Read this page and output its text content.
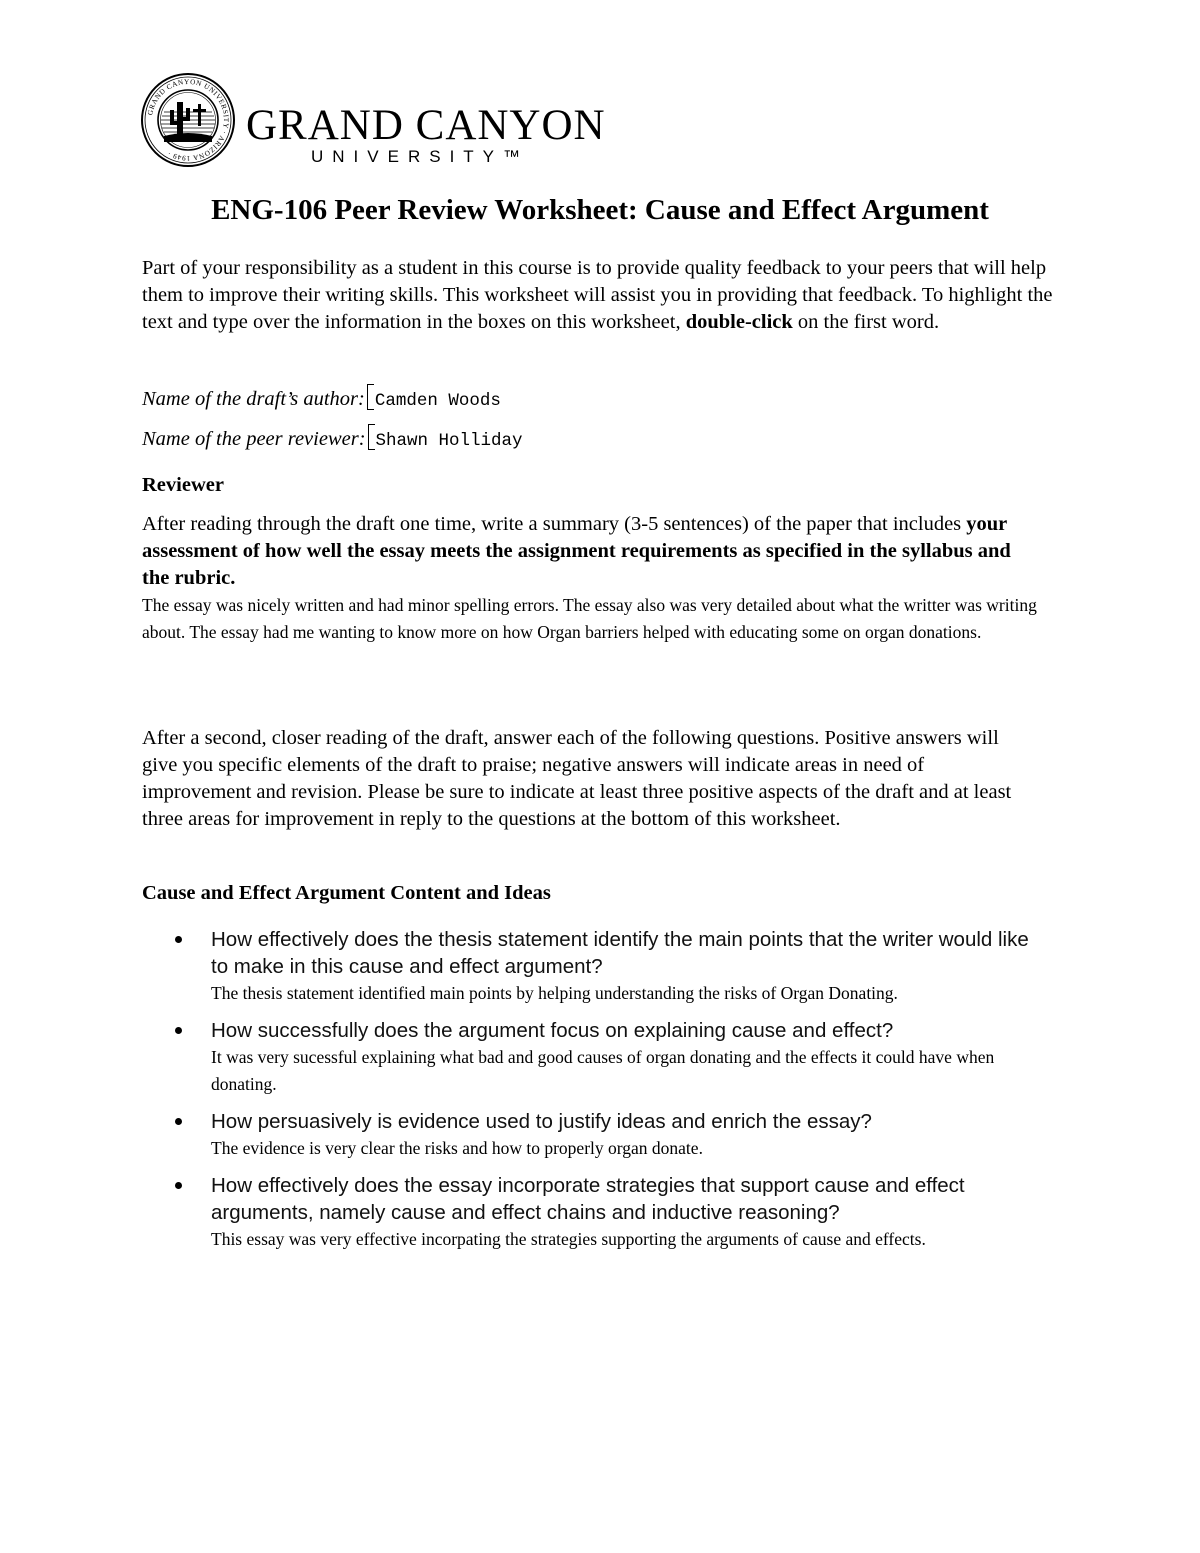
GRAND CANYON UNIVERSITY · ARIZONA 1949 ·
GRAND CANYON
UNIVERSITY™
ENG-106 Peer Review Worksheet: Cause and Effect Argument
Part of your responsibility as a student in this course is to provide quality feedback to your peers that will help them to improve their writing skills. This worksheet will assist you in providing that feedback. To highlight the text and type over the information in the boxes on this worksheet, double-click on the first word.
Name of the draft’s author: Camden Woods
Name of the peer reviewer: Shawn Holliday
Reviewer
After reading through the draft one time, write a summary (3-5 sentences) of the paper that includes your assessment of how well the essay meets the assignment requirements as specified in the syllabus and the rubric.
The essay was nicely written and had minor spelling errors. The essay also was very detailed about what the writter was writing about. The essay had me wanting to know more on how Organ barriers helped with educating some on organ donations.
After a second, closer reading of the draft, answer each of the following questions. Positive answers will give you specific elements of the draft to praise; negative answers will indicate areas in need of improvement and revision. Please be sure to indicate at least three positive aspects of the draft and at least three areas for improvement in reply to the questions at the bottom of this worksheet.
Cause and Effect Argument Content and Ideas
How effectively does the thesis statement identify the main points that the writer would like to make in this cause and effect argument?
The thesis statement identified main points by helping understanding the risks of Organ Donating.
How successfully does the argument focus on explaining cause and effect?
It was very sucessful explaining what bad and good causes of organ donating and the effects it could have when donating.
How persuasively is evidence used to justify ideas and enrich the essay?
The evidence is very clear the risks and how to properly organ donate.
How effectively does the essay incorporate strategies that support cause and effect arguments, namely cause and effect chains and inductive reasoning?
This essay was very effective incorpating the strategies supporting the arguments of cause and effects.
